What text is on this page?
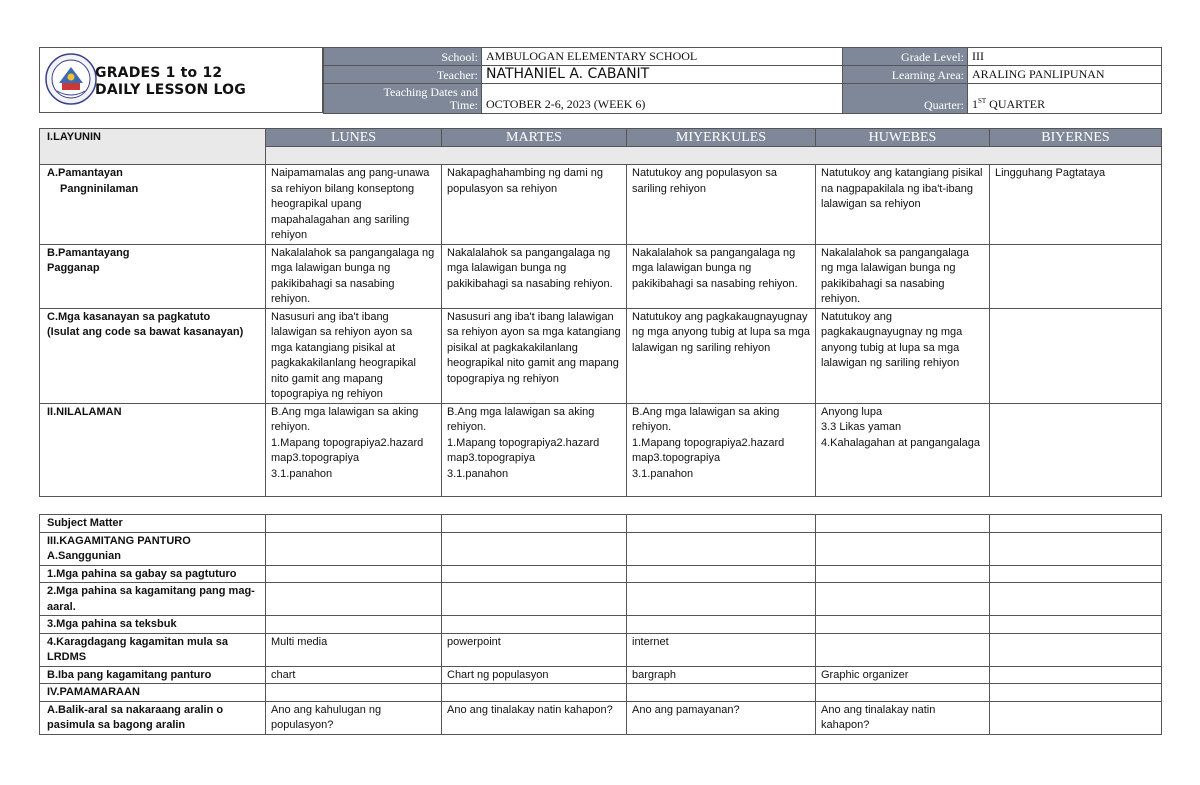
GRADES 1 to 12
DAILY LESSON LOG
School:	AMBULOGAN ELEMENTARY SCHOOL	Grade Level:	III
Teacher:	NATHANIEL A. CABANIT	Learning Area:	ARALING PANLIPUNAN
Teaching Dates and
Time:	OCTOBER 2-6, 2023 (WEEK 6)	Quarter:	1ST QUARTER
I.LAYUNIN	LUNES	MARTES	MIYERKULES	HUWEBES	BIYERNES

A.Pamantayan
Pangninilaman	Naipamamalas ang pang-unawa sa rehiyon bilang konseptong heograpikal upang mapahalagahan ang sariling rehiyon	Nakapaghahambing ng dami ng populasyon sa rehiyon	Natutukoy ang populasyon sa sariling rehiyon	Natutukoy ang katangiang pisikal na nagpapakilala ng iba't-ibang lalawigan sa rehiyon	Lingguhang Pagtataya

B.Pamantayang
Pagganap	Nakalalahok sa pangangalaga ng mga lalawigan bunga ng pakikibahagi sa nasabing rehiyon.	Nakalalahok sa pangangalaga ng mga lalawigan bunga ng pakikibahagi sa nasabing rehiyon.	Nakalalahok sa pangangalaga ng mga lalawigan bunga ng pakikibahagi sa nasabing rehiyon.	Nakalalahok sa pangangalaga ng mga lalawigan bunga ng pakikibahagi sa nasabing rehiyon.	

C.Mga kasanayan sa pagkatuto
(Isulat ang code sa bawat kasanayan)	Nasusuri ang iba't ibang lalawigan sa rehiyon ayon sa mga katangiang pisikal at pagkakakilanlang heograpikal nito gamit ang mapang topograpiya ng rehiyon	Nasusuri ang iba't ibang lalawigan sa rehiyon ayon sa mga katangiang pisikal at pagkakakilanlang heograpikal nito gamit ang mapang topograpiya ng rehiyon	Natutukoy ang pagkakaugnayugnay ng mga anyong tubig at lupa sa mga lalawigan ng sariling rehiyon	Natutukoy ang pagkakaugnayugnay ng mga anyong tubig at lupa sa mga lalawigan ng sariling rehiyon	

II.NILALAMAN	B.Ang mga lalawigan sa aking rehiyon.
1.Mapang topograpiya2.hazard map3.topograpiya
3.1.panahon	B.Ang mga lalawigan sa aking rehiyon.
1.Mapang topograpiya2.hazard map3.topograpiya
3.1.panahon	B.Ang mga lalawigan sa aking rehiyon.
1.Mapang topograpiya2.hazard map3.topograpiya
3.1.panahon	Anyong lupa
3.3 Likas yaman
4.Kahalagahan at pangangalaga	
Subject Matter					
III.KAGAMITANG PANTURO
A.Sanggunian					
1.Mga pahina sa gabay sa pagtuturo					
2.Mga pahina sa kagamitang pang mag-aaral.					
3.Mga pahina sa teksbuk					
4.Karagdagang kagamitan mula sa LRDMS	Multi media	powerpoint	internet		
B.Iba pang kagamitang panturo	chart	Chart ng populasyon	bargraph	Graphic organizer	
IV.PAMAMARAAN					
A.Balik-aral sa nakaraang aralin o pasimula sa bagong aralin	Ano ang kahulugan ng populasyon?	Ano ang tinalakay natin kahapon?	Ano ang pamayanan?	Ano ang tinalakay natin kahapon?	
